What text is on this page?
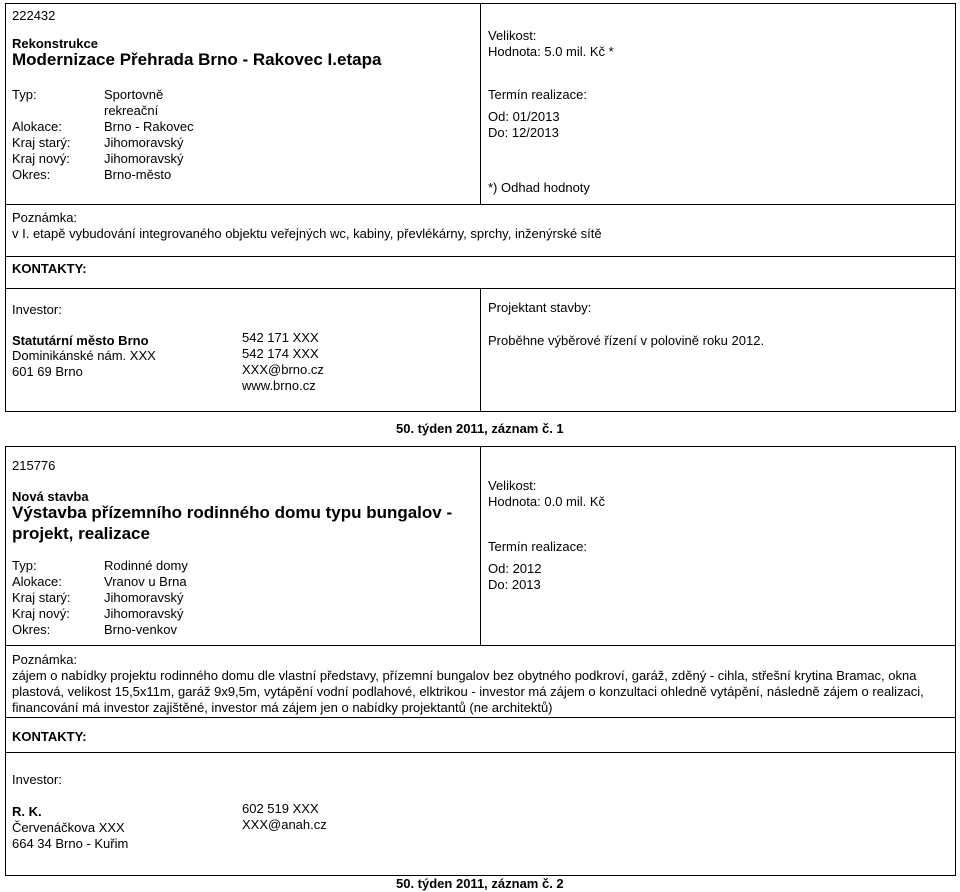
222432
Rekonstrukce
Modernizace Přehrada Brno - Rakovec I.etapa
Typ:	Sportovně
rekreační
Alokace:	Brno - Rakovec
Kraj starý:	Jihomoravský
Kraj nový:	Jihomoravský
Okres:	Brno-město
Velikost:
Hodnota: 5.0 mil. Kč *
Termín realizace:
Od: 01/2013
Do: 12/2013
*) Odhad hodnoty
Poznámka:
v I. etapě vybudování integrovaného objektu veřejných wc, kabiny, převlékárny, sprchy, inženýrské sítě
KONTAKTY:
Investor:
Statutární město Brno
Dominikánské nám. XXX
601 69 Brno
542 171 XXX
542 174 XXX
XXX@brno.cz
www.brno.cz
Projektant stavby:
Proběhne výběrové řízení v polovině roku 2012.
50. týden 2011, záznam č. 1
215776
Nová stavba
Výstavba přízemního rodinného domu typu bungalov -
projekt, realizace
Typ:	Rodinné domy
Alokace:	Vranov u Brna
Kraj starý:	Jihomoravský
Kraj nový:	Jihomoravský
Okres:	Brno-venkov
Velikost:
Hodnota: 0.0 mil. Kč
Termín realizace:
Od: 2012
Do: 2013
Poznámka:
zájem o nabídky projektu rodinného domu dle vlastní představy, přízemní bungalov bez obytného podkroví, garáž, zděný - cihla, střešní krytina Bramac, okna
plastová, velikost 15,5x11m, garáž 9x9,5m, vytápění vodní podlahové, elktrikou - investor má zájem o konzultaci ohledně vytápění, následně zájem o realizaci,
financování má investor zajištěné, investor má zájem jen o nabídky projektantů (ne architektů)
KONTAKTY:
Investor:
R. K.
Červenáčkova XXX
664 34 Brno - Kuřim
602 519 XXX
XXX@anah.cz
50. týden 2011, záznam č. 2
